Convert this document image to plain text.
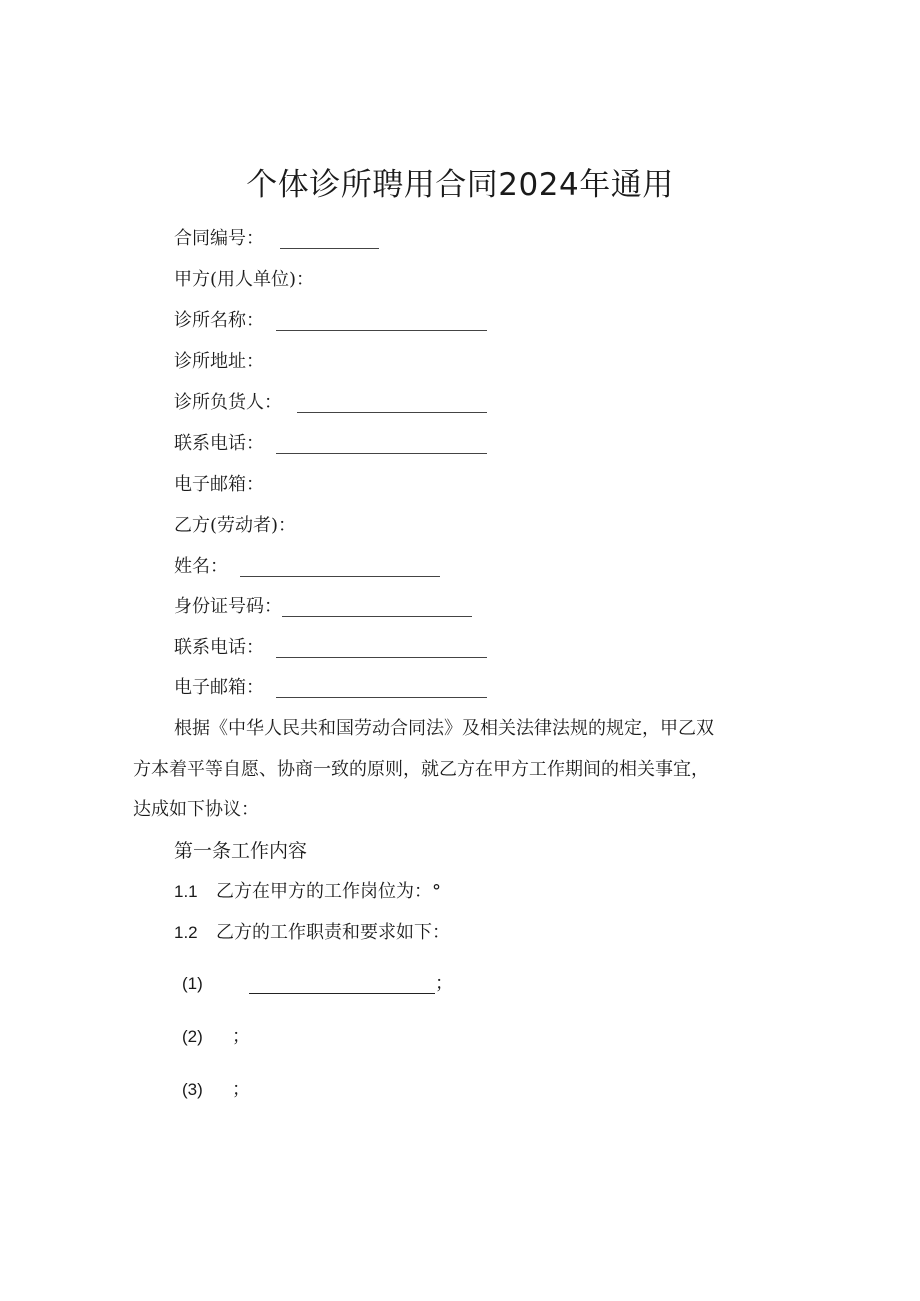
个体诊所聘用合同2024年通用
合同编号：
甲方(用人单位)：
诊所名称：
诊所地址：
诊所负货人：
联系电话：
电子邮箱：
乙方(劳动者)：
姓名：
身份证号码：
联系电话：
电子邮箱：
根据《中华人民共和国劳动合同法》及相关法律法规的规定，甲乙双
方本着平等自愿、协商一致的原则，就乙方在甲方工作期间的相关事宜，
达成如下协议：
第一条工作内容
1.1 乙方在甲方的工作岗位为：°
1.2 乙方的工作职责和要求如下：
(1)	；
(2)	；
(3)	；
